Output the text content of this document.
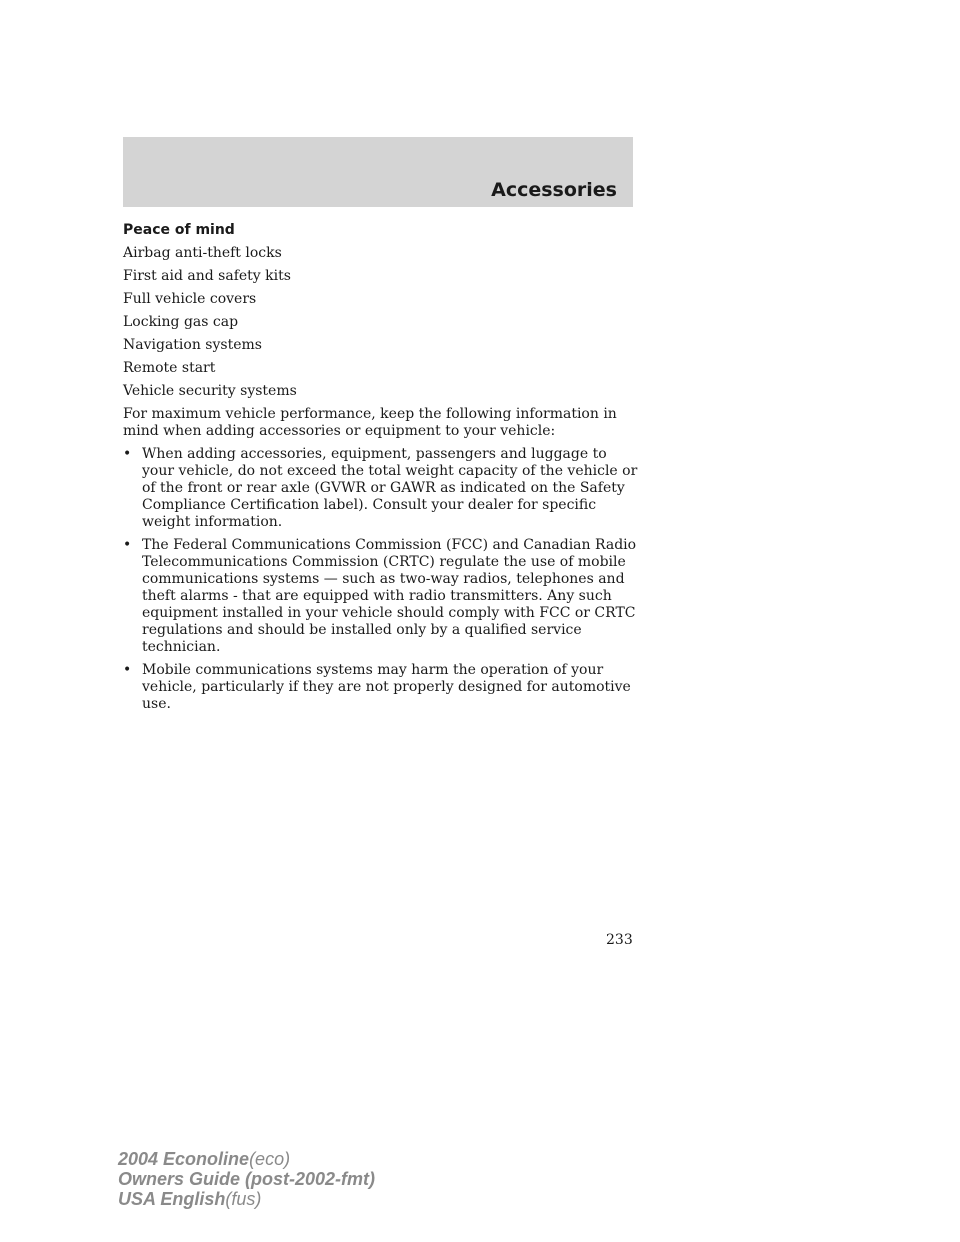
Accessories
Peace of mind
Airbag anti-theft locks
First aid and safety kits
Full vehicle covers
Locking gas cap
Navigation systems
Remote start
Vehicle security systems
For maximum vehicle performance, keep the following information in mind when adding accessories or equipment to your vehicle:
• When adding accessories, equipment, passengers and luggage to your vehicle, do not exceed the total weight capacity of the vehicle or of the front or rear axle (GVWR or GAWR as indicated on the Safety Compliance Certification label). Consult your dealer for specific weight information.
• The Federal Communications Commission (FCC) and Canadian Radio Telecommunications Commission (CRTC) regulate the use of mobile communications systems — such as two-way radios, telephones and theft alarms - that are equipped with radio transmitters. Any such equipment installed in your vehicle should comply with FCC or CRTC regulations and should be installed only by a qualified service technician.
• Mobile communications systems may harm the operation of your vehicle, particularly if they are not properly designed for automotive use.
233
2004 Econoline(eco)
Owners Guide (post-2002-fmt)
USA English(fus)
